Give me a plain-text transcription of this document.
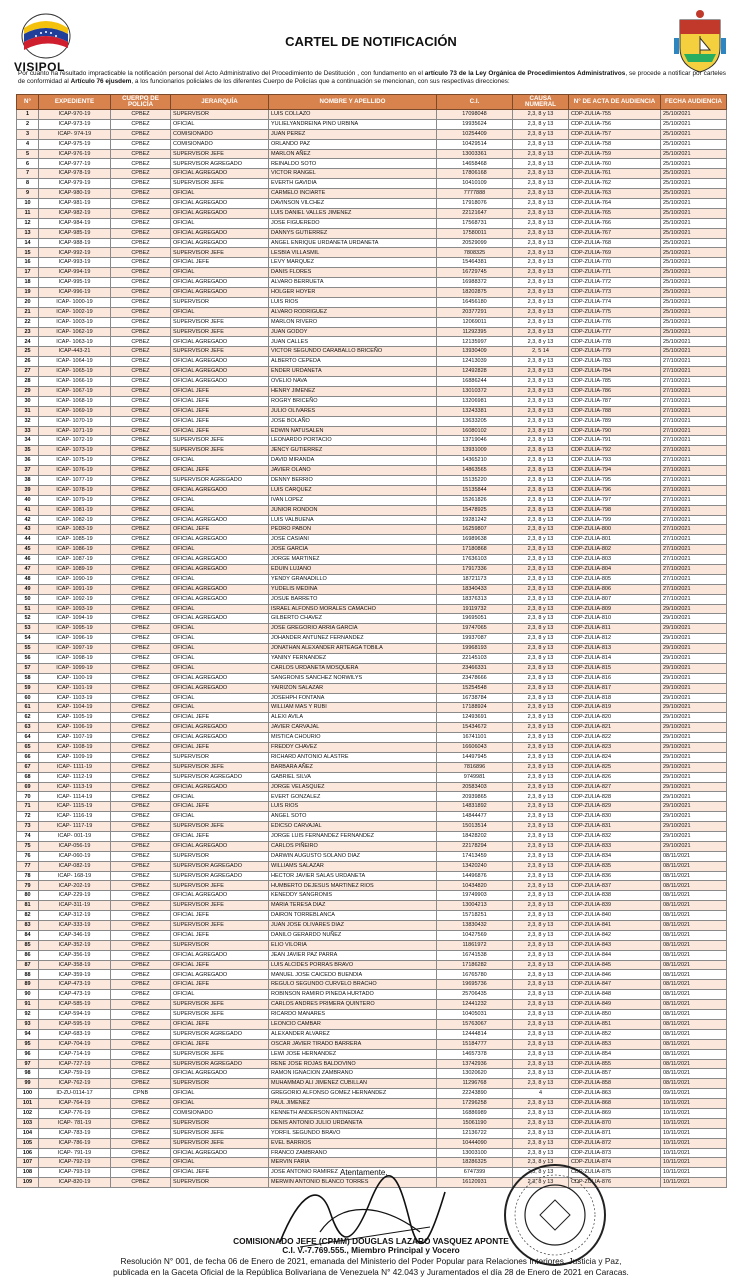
VISIPOL
CARTEL DE NOTIFICACIÓN
Por cuanto ha resultado impracticable la notificación personal del Acto Administrativo del Procedimiento de Destitución , con fundamento en el artículo 73 de la Ley Orgánica de Procedimientos Administrativos, se procede a notificar por carteles de conformidad al Artículo 76 ejusdem, a los funcionarios policiales de los diferentes Cuerpo de Policías que a continuación se mencionan, con sus respectivas direcciones:
N°	EXPEDIENTE	CUERPO DE POLICÍA	JERARQUÍA	NOMBRE Y APELLIDO	C.I.	CAUSA NUMERAL	N° DE ACTA DE AUDIENCIA	FECHA AUDIENCIA
1	ICAP-970-19	CPBEZ	SUPERVISOR	LUIS COLLAZO	17098048	2,3, 8 y 13	CDP-ZULIA-755	25/10/2021
2	ICAP-973-19	CPBEZ	OFICIAL	YULIELYANDREINA PINO URBINA	19935624	2,3, 8 y 13	CDP-ZULIA-756	25/10/2021
3	ICAP- 974-19	CPBEZ	COMISIONADO	JUAN PEREZ	10254409	2,3, 8 y 13	CDP-ZULIA-757	25/10/2021
4	ICAP-975-19	CPBEZ	COMISIONADO	ORLANDO PAZ	10429514	2,3, 8 y 13	CDP-ZULIA-758	25/10/2021
5	ICAP-976-19	CPBEZ	SUPERVISOR JEFE	MARLON AÑEZ	13003361	2,3, 8 y 13	CDP-ZULIA-759	25/10/2021
6	ICAP-977-19	CPBEZ	SUPERVISOR AGREGADO	REINALDO SOTO	14658468	2,3, 8 y 13	CDP-ZULIA-760	25/10/2021
7	ICAP-978-19	CPBEZ	OFICIAL AGREGADO	VICTOR RANGEL	17806168	2,3, 8 y 13	CDP-ZULIA-761	25/10/2021
8	ICAP-979-19	CPBEZ	SUPERVISOR JEFE	EVERTH GAVIDIA	10410109	2,3, 8 y 13	CDP-ZULIA-762	25/10/2021
9	ICAP-980-19	CPBEZ	OFICIAL	CARMELO INCIARTE	7777888	2,3, 8 y 13	CDP-ZULIA-763	25/10/2021
10	ICAP-981-19	CPBEZ	OFICIAL AGREGADO	DAVINSON VILCHEZ	17918076	2,3, 8 y 13	CDP-ZULIA-764	25/10/2021
11	ICAP-982-19	CPBEZ	OFICIAL AGREGADO	LUIS DANIEL VALLES JIMENEZ	22121647	2,3, 8 y 13	CDP-ZULIA-765	25/10/2021
12	ICAP-984-19	CPBEZ	OFICIAL	JOSE FIGUEREDO	17568731	2,3, 8 y 13	CDP-ZULIA-766	25/10/2021
13	ICAP-985-19	CPBEZ	OFICIAL AGREGADO	DANNYS GUTIERREZ	17580011	2,3, 8 y 13	CDP-ZULIA-767	25/10/2021
14	ICAP-988-19	CPBEZ	OFICIAL AGREGADO	ANGEL ENRIQUE URDANETA URDANETA	20529099	2,3, 8 y 13	CDP-ZULIA-768	25/10/2021
15	ICAP-992-19	CPBEZ	SUPERVISOR JEFE	LESBIA VILLASMIL	7808325	2,3, 8 y 13	CDP-ZULIA-769	25/10/2021
16	ICAP-993-19	CPBEZ	OFICIAL JEFE	LEVY MARQUEZ	15464381	2,3, 8 y 13	CDP-ZULIA-770	25/10/2021
17	ICAP-994-19	CPBEZ	OFICIAL	DANIS FLORES	16729745	2,3, 8 y 13	CDP-ZULIA-771	25/10/2021
18	ICAP-995-19	CPBEZ	OFICIAL AGREGADO	ALVARO BERRUETA	16988372	2,3, 8 y 13	CDP-ZULIA-772	25/10/2021
19	ICAP-996-19	CPBEZ	OFICIAL AGREGADO	HOLGER HOYER	18202875	2,3, 8 y 13	CDP-ZULIA-773	25/10/2021
20	ICAP- 1000-19	CPBEZ	SUPERVISOR	LUIS RIOS	16456180	2,3, 8 y 13	CDP-ZULIA-774	25/10/2021
21	ICAP- 1002-19	CPBEZ	OFICIAL	ALVARO RODRIGUEZ	20377291	2,3, 8 y 13	CDP-ZULIA-775	25/10/2021
22	ICAP- 1003-19	CPBEZ	SUPERVISOR JEFE	MARLON RIVERO	12069011	2,3, 8 y 13	CDP-ZULIA-776	25/10/2021
23	ICAP- 1062-19	CPBEZ	SUPERVISOR JEFE	JUAN GODOY	11292395	2,3, 8 y 13	CDP-ZULIA-777	25/10/2021
24	ICAP- 1063-19	CPBEZ	OFICIAL AGREGADO	JUAN CALLES	12135997	2,3, 8 y 13	CDP-ZULIA-778	25/10/2021
25	ICAP-443-21	CPBEZ	SUPERVISOR JEFE	VICTOR SEGUNDO CARABALLO BRICEÑO	13930409	2, 5 14	CDP-ZULIA-779	25/10/2021
26	ICAP- 1064-19	CPBEZ	OFICIAL AGREGADO	ALBERTO CEPEDA	12413039	2,3, 8 y 13	CDP-ZULIA-783	27/10/2021
27	ICAP- 1065-19	CPBEZ	OFICIAL AGREGADO	ENDER URDANETA	12492828	2,3, 8 y 13	CDP-ZULIA-784	27/10/2021
28	ICAP- 1066-19	CPBEZ	OFICIAL AGREGADO	OVELIO NAVA	16886244	2,3, 8 y 13	CDP-ZULIA-785	27/10/2021
29	ICAP- 1067-19	CPBEZ	OFICIAL JEFE	HENRY JIMENEZ	13010372	2,3, 8 y 13	CDP-ZULIA-786	27/10/2021
30	ICAP- 1068-19	CPBEZ	OFICIAL JEFE	ROGRY BRICEÑO	13206981	2,3, 8 y 13	CDP-ZULIA-787	27/10/2021
31	ICAP- 1069-19	CPBEZ	OFICIAL JEFE	JULIO OLIVARES	13243381	2,3, 8 y 13	CDP-ZULIA-788	27/10/2021
32	ICAP- 1070-19	CPBEZ	OFICIAL JEFE	JOSE BOLAÑO	13633205	2,3, 8 y 13	CDP-ZULIA-789	27/10/2021
33	ICAP- 1071-19	CPBEZ	OFICIAL JEFE	EDWIN NATUSALEN	16080102	2,3, 8 y 13	CDP-ZULIA-790	27/10/2021
34	ICAP- 1072-19	CPBEZ	SUPERVISOR JEFE	LEONARDO PORTACIO	13719046	2,3, 8 y 13	CDP-ZULIA-791	27/10/2021
35	ICAP- 1073-19	CPBEZ	SUPERVISOR JEFE	JENCY GUTIERREZ	13931009	2,3, 8 y 13	CDP-ZULIA-792	27/10/2021
36	ICAP- 1075-19	CPBEZ	OFICIAL	DAVID MIRANDA	14365210	2,3, 8 y 13	CDP-ZULIA-793	27/10/2021
37	ICAP- 1076-19	CPBEZ	OFICIAL JEFE	JAVIER OLANO	14863565	2,3, 8 y 13	CDP-ZULIA-794	27/10/2021
38	ICAP- 1077-19	CPBEZ	SUPERVISOR AGREGADO	DENNY BERRIO	15135220	2,3, 8 y 13	CDP-ZULIA-795	27/10/2021
39	ICAP- 1078-19	CPBEZ	OFICIAL AGREGADO	LUIS CARQUEZ	15135844	2,3, 8 y 13	CDP-ZULIA-796	27/10/2021
40	ICAP- 1079-19	CPBEZ	OFICIAL	IVAN LOPEZ	15261826	2,3, 8 y 13	CDP-ZULIA-797	27/10/2021
41	ICAP- 1081-19	CPBEZ	OFICIAL	JUNIOR RONDON	15478925	2,3, 8 y 13	CDP-ZULIA-798	27/10/2021
42	ICAP- 1082-19	CPBEZ	OFICIAL AGREGADO	LUIS VALBUENA	19281242	2,3, 8 y 13	CDP-ZULIA-799	27/10/2021
43	ICAP- 1083-19	CPBEZ	OFICIAL JEFE	PEDRO PABON	16259807	2,3, 8 y 13	CDP-ZULIA-800	27/10/2021
44	ICAP- 1085-19	CPBEZ	OFICIAL AGREGADO	JOSE CASIANI	16989638	2,3, 8 y 13	CDP-ZULIA-801	27/10/2021
45	ICAP- 1086-19	CPBEZ	OFICIAL	JOSE GARCIA	17180868	2,3, 8 y 13	CDP-ZULIA-802	27/10/2021
46	ICAP- 1087-19	CPBEZ	OFICIAL AGREGADO	JORGE MARTINEZ	17636103	2,3, 8 y 13	CDP-ZULIA-803	27/10/2021
47	ICAP- 1089-19	CPBEZ	OFICIAL AGREGADO	EDUIN LUJANO	17917336	2,3, 8 y 13	CDP-ZULIA-804	27/10/2021
48	ICAP- 1090-19	CPBEZ	OFICIAL	YENDY GRANADILLO	18721173	2,3, 8 y 13	CDP-ZULIA-805	27/10/2021
49	ICAP- 1091-19	CPBEZ	OFICIAL AGREGADO	YUDELIS MEDINA	18340433	2,3, 8 y 13	CDP-ZULIA-806	27/10/2021
50	ICAP- 1092-19	CPBEZ	OFICIAL AGREGADO	JOSUE BARRETO	18376313	2,3, 8 y 13	CDP-ZULIA-807	27/10/2021
51	ICAP- 1093-19	CPBEZ	OFICIAL	ISRAEL ALFONSO MORALES CAMACHO	19119732	2,3, 8 y 13	CDP-ZULIA-809	29/10/2021
52	ICAP- 1094-19	CPBEZ	OFICIAL AGREGADO	GILBERTO CHAVEZ	19695051	2,3, 8 y 13	CDP-ZULIA-810	29/10/2021
53	ICAP- 1095-19	CPBEZ	OFICIAL	JOSE GREGORIO ARRIA GARCIA	19747065	2,3, 8 y 13	CDP-ZULIA-811	29/10/2021
54	ICAP- 1096-19	CPBEZ	OFICIAL	JOHANDER ANTUNEZ FERNANDEZ	19937087	2,3, 8 y 13	CDP-ZULIA-812	29/10/2021
55	ICAP- 1097-19	CPBEZ	OFICIAL	JONATHAN ALEXANDER ARTEAGA TOBILA	19968193	2,3, 8 y 13	CDP-ZULIA-813	29/10/2021
56	ICAP- 1098-19	CPBEZ	OFICIAL	YANINY FERNANDEZ	22145103	2,3, 8 y 13	CDP-ZULIA-814	29/10/2021
57	ICAP- 1099-19	CPBEZ	OFICIAL	CARLOS URDANETA MOSQUERA	23466331	2,3, 8 y 13	CDP-ZULIA-815	29/10/2021
58	ICAP- 1100-19	CPBEZ	OFICIAL AGREGADO	SANGRONIS SANCHEZ NORWILYS	23478666	2,3, 8 y 13	CDP-ZULIA-816	29/10/2021
59	ICAP- 1101-19	CPBEZ	OFICIAL AGREGADO	YAIRIZON SALAZAR	15254548	2,3, 8 y 13	CDP-ZULIA-817	29/10/2021
60	ICAP- 1103-19	CPBEZ	OFICIAL	JOSEHPH FONTANA	16738784	2,3, 8 y 13	CDP-ZULIA-818	29/10/2021
61	ICAP- 1104-19	CPBEZ	OFICIAL	WILLIAM MAS Y RUBI	17188924	2,3, 8 y 13	CDP-ZULIA-819	29/10/2021
62	ICAP- 1105-19	CPBEZ	OFICIAL JEFE	ALEXI AVILA	12493691	2,3, 8 y 13	CDP-ZULIA-820	29/10/2021
63	ICAP- 1106-19	CPBEZ	OFICIAL AGREGADO	JAVIER CARVAJAL	15434672	2,3, 8 y 13	CDP-ZULIA-821	29/10/2021
64	ICAP- 1107-19	CPBEZ	OFICIAL AGREGADO	MISTICA CHOURIO	16741101	2,3, 8 y 13	CDP-ZULIA-822	29/10/2021
65	ICAP- 1108-19	CPBEZ	OFICIAL JEFE	FREDDY CHAVEZ	16606043	2,3, 8 y 13	CDP-ZULIA-823	29/10/2021
66	ICAP- 1109-19	CPBEZ	SUPERVISOR	RICHARD ANTONIO ALASTRE	14497945	2,3, 8 y 13	CDP-ZULIA-824	29/10/2021
67	ICAP- 1111-19	CPBEZ	SUPERVISOR JEFE	BARBARA AÑEZ	7816896	2,3, 8 y 13	CDP-ZULIA-825	29/10/2021
68	ICAP- 1112-19	CPBEZ	SUPERVISOR AGREGADO	GABRIEL SILVA	9749981	2,3, 8 y 13	CDP-ZULIA-826	29/10/2021
69	ICAP- 1113-19	CPBEZ	OFICIAL AGREGADO	JORGE VELASQUEZ	20583403	2,3, 8 y 13	CDP-ZULIA-827	29/10/2021
70	ICAP- 1114-19	CPBEZ	OFICIAL	EVERT GONZALEZ	20939865	2,3, 8 y 13	CDP-ZULIA-828	29/10/2021
71	ICAP- 1115-19	CPBEZ	OFICIAL JEFE	LUIS RIOS	14831892	2,3, 8 y 13	CDP-ZULIA-829	29/10/2021
72	ICAP- 1116-19	CPBEZ	OFICIAL	ANGEL SOTO	14844477	2,3, 8 y 13	CDP-ZULIA-830	29/10/2021
73	ICAP- 1117-19	CPBEZ	SUPERVISOR JEFE	EDICSO CARVAJAL	15013514	2,3, 8 y 13	CDP-ZULIA-831	29/10/2021
74	ICAP- 001-19	CPBEZ	OFICIAL JEFE	JORGE LUIS FERNANDEZ FERNANDEZ	18428202	2,3, 8 y 13	CDP-ZULIA-832	29/10/2021
75	ICAP-056-19	CPBEZ	OFICIAL AGREGADO	CARLOS PIÑEIRO	22178294	2,3, 8 y 13	CDP-ZULIA-833	29/10/2021
76	ICAP-060-19	CPBEZ	SUPERVISOR	DARWIN AUGUSTO SOLANO DIAZ	17413459	2,3, 8 y 13	CDP-ZULIA-834	08/11/2021
77	ICAP-082-19	CPBEZ	SUPERVISOR AGREGADO	WILLIAMS SALAZAR	13420240	2,3, 8 y 13	CDP-ZULIA-835	08/11/2021
78	ICAP- 168-19	CPBEZ	SUPERVISOR AGREGADO	HECTOR JAVIER SALAS URDANETA	14496876	2,3, 8 y 13	CDP-ZULIA-836	08/11/2021
79	ICAP-202-19	CPBEZ	SUPERVISOR JEFE	HUMBERTO DEJESUS MARTINEZ RIOS	10434820	2,3, 8 y 13	CDP-ZULIA-837	08/11/2021
80	ICAP-229-19	CPBEZ	OFICIAL AGREGADO	KENEDDY SANGRONIS	19749903	2,3, 8 y 13	CDP-ZULIA-838	08/11/2021
81	ICAP-311-19	CPBEZ	SUPERVISOR JEFE	MARIA TERESA DIAZ	13004213	2,3, 8 y 13	CDP-ZULIA-839	08/11/2021
82	ICAP-312-19	CPBEZ	OFICIAL JEFE	DAIRON TORREBLANCA	15718251	2,3, 8 y 13	CDP-ZULIA-840	08/11/2021
83	ICAP-333-19	CPBEZ	SUPERVISOR JEFE	JUAN JOSE OLIVARES DIAZ	13830432	2,3, 8 y 13	CDP-ZULIA-841	08/11/2021
84	ICAP-346-19	CPBEZ	OFICIAL JEFE	DANILO GERARDO NUÑEZ	10427569	2,3, 8 y 13	CDP-ZULIA-842	08/11/2021
85	ICAP-352-19	CPBEZ	SUPERVISOR	ELIO VILORIA	11861972	2,3, 8 y 13	CDP-ZULIA-843	08/11/2021
86	ICAP-356-19	CPBEZ	OFICIAL AGREGADO	JEAN JAVIER PAZ PARRA	16741538	2,3, 8 y 13	CDP-ZULIA-844	08/11/2021
87	ICAP-358-19	CPBEZ	OFICIAL JEFE	LUIS ALCIDES PORRAS BRAVO	17186282	2,3, 8 y 13	CDP-ZULIA-845	08/11/2021
88	ICAP-359-19	CPBEZ	OFICIAL AGREGADO	MANUEL JOSE CAICEDO BUENDIA	16765780	2,3, 8 y 13	CDP-ZULIA-846	08/11/2021
89	ICAP-473-19	CPBEZ	OFICIAL JEFE	REGULO SEGUNDO CURVELO BRACHO	19695736	2,3, 8 y 13	CDP-ZULIA-847	08/11/2021
90	ICAP-473-19	CPBEZ	OFICIAL	ROBINSON RAMIRO PINEDA HURTADO	25706435	2,3, 8 y 13	CDP-ZULIA-848	08/11/2021
91	ICAP-585-19	CPBEZ	SUPERVISOR JEFE	CARLOS ANDRES PRIMERA QUINTERO	12441232	2,3, 8 y 13	CDP-ZULIA-849	08/11/2021
92	ICAP-594-19	CPBEZ	SUPERVISOR JEFE	RICARDO MANARES	10405031	2,3, 8 y 13	CDP-ZULIA-850	08/11/2021
93	ICAP-595-19	CPBEZ	OFICIAL JEFE	LEONCIO CAMBAR	15763067	2,3, 8 y 13	CDP-ZULIA-851	08/11/2021
94	ICAP-683-19	CPBEZ	SUPERVISOR AGREGADO	ALEXANDER ALVAREZ	12444814	2,3, 8 y 13	CDP-ZULIA-852	08/11/2021
95	ICAP-704-19	CPBEZ	OFICIAL JEFE	OSCAR JAVIER TIRADO BARRERA	15184777	2,3, 8 y 13	CDP-ZULIA-853	08/11/2021
96	ICAP-714-19	CPBEZ	SUPERVISOR JEFE	LEWI JOSE HERNANDEZ	14657378	2,3, 8 y 13	CDP-ZULIA-854	08/11/2021
97	ICAP-727-19	CPBEZ	SUPERVISOR AGREGADO	RENE JOSE ROJAS BALDOVINO	13742936	2,3, 8 y 13	CDP-ZULIA-855	08/11/2021
98	ICAP-759-19	CPBEZ	OFICIAL AGREGADO	RAMON IGNACION ZAMBRANO	13020620	2,3, 8 y 13	CDP-ZULIA-857	08/11/2021
99	ICAP-762-19	CPBEZ	SUPERVISOR	MUHAMMAD ALI JIMENEZ CUBILLAN	11296768	2,3, 8 y 13	CDP-ZULIA-858	08/11/2021
100	ID-ZU-0114-17	CPNB	OFICIAL	GREGORIO ALFONSO GOMEZ HERNANDEZ	22243890	4	CDP-ZULIA-863	09/11/2021
101	ICAP-764-19	CPBEZ	OFICIAL	PAUL JIMENEZ	17296258	2,3, 8 y 13	CDP-ZULIA-868	10/11/2021
102	ICAP-776-19	CPBEZ	COMISIONADO	KENNETH ANDERSON ANTINEDIAZ	16886989	2,3, 8 y 13	CDP-ZULIA-869	10/11/2021
103	ICAP- 781-19	CPBEZ	SUPERVISOR	DENIS ANTONIO JULIO URDANETA	15061190	2,3, 8 y 13	CDP-ZULIA-870	10/11/2021
104	ICAP-783-19	CPBEZ	SUPERVISOR JEFE	YORFIL SEGUNDO BRAVO	12136722	2,3, 8 y 13	CDP-ZULIA-871	10/11/2021
105	ICAP-786-19	CPBEZ	SUPERVISOR JEFE	EVEL BARRIOS	10444090	2,3, 8 y 13	CDP-ZULIA-872	10/11/2021
106	ICAP- 791-19	CPBEZ	OFICIAL AGREGADO	FRANCO ZAMBRANO	13003100	2,3, 8 y 13	CDP-ZULIA-873	10/11/2021
107	ICAP-792-19	CPBEZ	OFICIAL	MERVIN FARIA	18286325	2,3, 8 y 13	CDP-ZULIA-874	10/11/2021
108	ICAP-793-19	CPBEZ	OFICIAL JEFE	JOSE ANTONIO RAMIREZ	6747399	2,3, 8 y 13	CDP-ZULIA-875	10/11/2021
109	ICAP-820-19	CPBEZ	SUPERVISOR	MERWIN ANTONIO BLANCO TORRES	16120931	2,3, 8 y 13	CDP-ZULIA-876	10/11/2021
Atentamente,
COMISIONADO JEFE (CPMM) DOUGLAS LAZARO VASQUEZ APONTE
C.I. V.-7.769.555., Miembro Principal y Vocero
Resolución N° 001, de fecha 06 de Enero de 2021, emanada del Ministerio del Poder Popular para Relaciones Interiores, Justicia y Paz,
publicada en la Gaceta Oficial de la República Bolivariana de Venezuela N° 42.043 y Juramentados el día 28 de Enero de 2021 en Caracas.
